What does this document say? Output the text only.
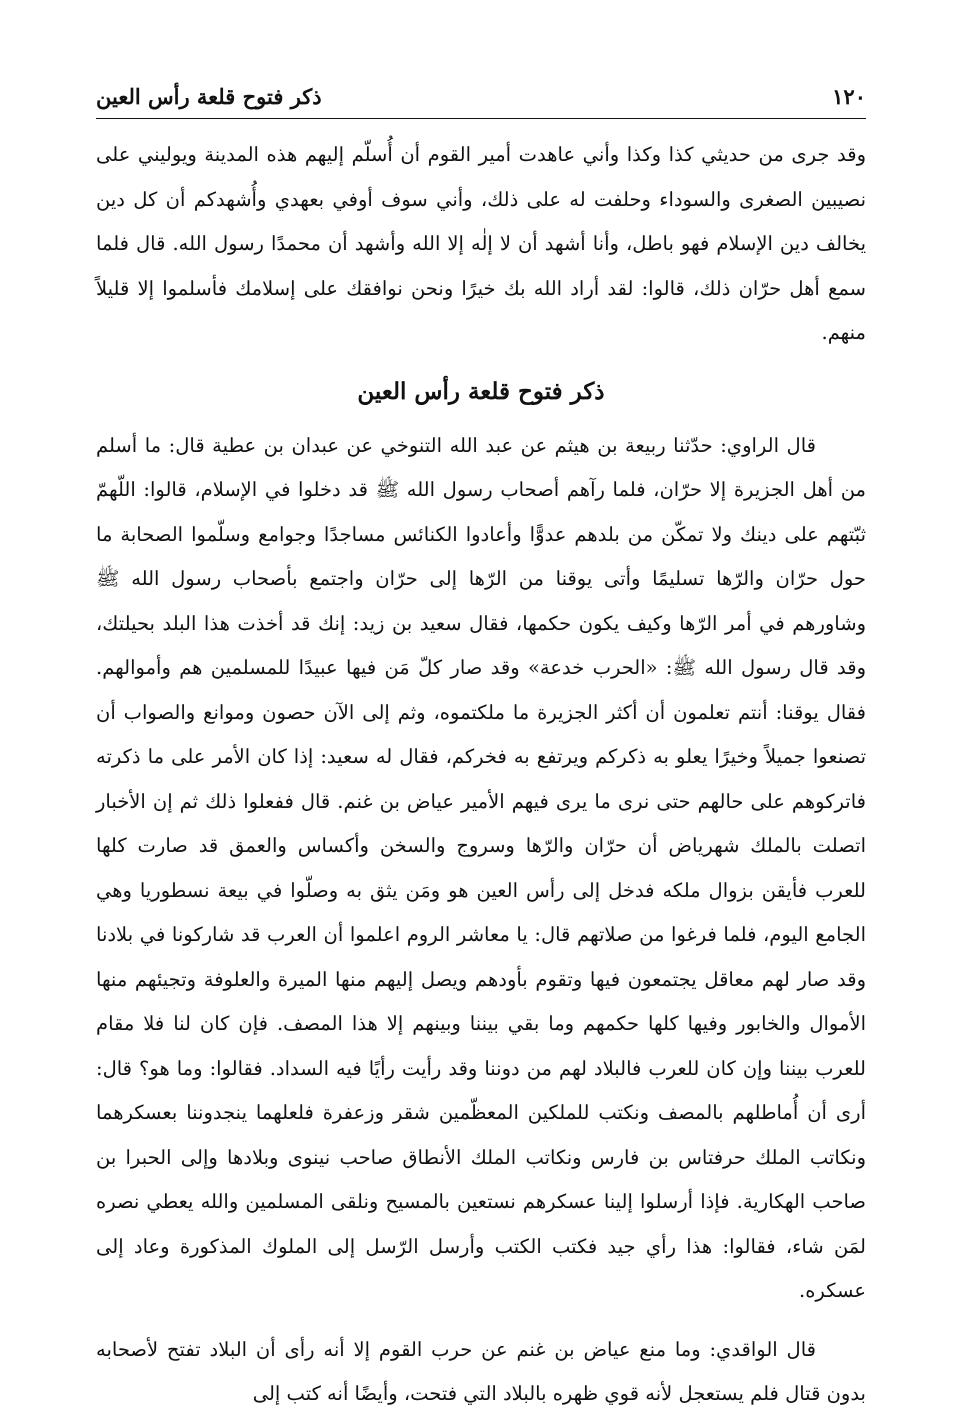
١٢٠
ذكر فتوح قلعة رأس العين

وقد جرى من حديثي كذا وكذا وأني عاهدت أمير القوم أن أُسلّم إليهم هذه المدينة ويوليني على نصيبين الصغرى والسوداء وحلفت له على ذلك، وأني سوف أوفي بعهدي وأُشهدكم أن كل دين يخالف دين الإسلام فهو باطل، وأنا أشهد أن لا إلٰه إلا الله وأشهد أن محمدًا رسول الله. قال فلما سمع أهل حرّان ذلك، قالوا: لقد أراد الله بك خيرًا ونحن نوافقك على إسلامك فأسلموا إلا قليلاً منهم.

ذكر فتوح قلعة رأس العين

قال الراوي: حدّثنا ربيعة بن هيثم عن عبد الله التنوخي عن عبدان بن عطية قال: ما أسلم من أهل الجزيرة إلا حرّان، فلما رآهم أصحاب رسول الله ﷺ قد دخلوا في الإسلام، قالوا: اللّهمّ ثبّتهم على دينك ولا تمكّن من بلدهم عدوًّا وأعادوا الكنائس مساجدًا وجوامع وسلّموا الصحابة ما حول حرّان والرّها تسليمًا وأتى يوقنا من الرّها إلى حرّان واجتمع بأصحاب رسول الله ﷺ وشاورهم في أمر الرّها وكيف يكون حكمها، فقال سعيد بن زيد: إنك قد أخذت هذا البلد بحيلتك، وقد قال رسول الله ﷺ: «الحرب خدعة» وقد صار كلّ مَن فيها عبيدًا للمسلمين هم وأموالهم. فقال يوقنا: أنتم تعلمون أن أكثر الجزيرة ما ملكتموه، وثم إلى الآن حصون وموانع والصواب أن تصنعوا جميلاً وخيرًا يعلو به ذكركم ويرتفع به فخركم، فقال له سعيد: إذا كان الأمر على ما ذكرته فاتركوهم على حالهم حتى نرى ما يرى فيهم الأمير عياض بن غنم. قال ففعلوا ذلك ثم إن الأخبار اتصلت بالملك شهرياض أن حرّان والرّها وسروج والسخن وأكساس والعمق قد صارت كلها للعرب فأيقن بزوال ملكه فدخل إلى رأس العين هو ومَن يثق به وصلّوا في بيعة نسطوريا وهي الجامع اليوم، فلما فرغوا من صلاتهم قال: يا معاشر الروم اعلموا أن العرب قد شاركونا في بلادنا وقد صار لهم معاقل يجتمعون فيها وتقوم بأودهم ويصل إليهم منها الميرة والعلوفة وتجيئهم منها الأموال والخابور وفيها كلها حكمهم وما بقي بيننا وبينهم إلا هذا المصف. فإن كان لنا فلا مقام للعرب بيننا وإن كان للعرب فالبلاد لهم من دوننا وقد رأيت رأيًا فيه السداد. فقالوا: وما هو؟ قال: أرى أن أُماطلهم بالمصف ونكتب للملكين المعظّمين شقر وزعفرة فلعلهما ينجدوننا بعسكرهما ونكاتب الملك حرفتاس بن فارس ونكاتب الملك الأنطاق صاحب نينوى وبلادها وإلى الحبرا بن صاحب الهكارية. فإذا أرسلوا إلينا عسكرهم نستعين بالمسيح ونلقى المسلمين والله يعطي نصره لمَن شاء، فقالوا: هذا رأي جيد فكتب الكتب وأرسل الرّسل إلى الملوك المذكورة وعاد إلى عسكره.

قال الواقدي: وما منع عياض بن غنم عن حرب القوم إلا أنه رأى أن البلاد تفتح لأصحابه بدون قتال فلم يستعجل لأنه قوي ظهره بالبلاد التي فتحت، وأيضًا أنه كتب إلى
